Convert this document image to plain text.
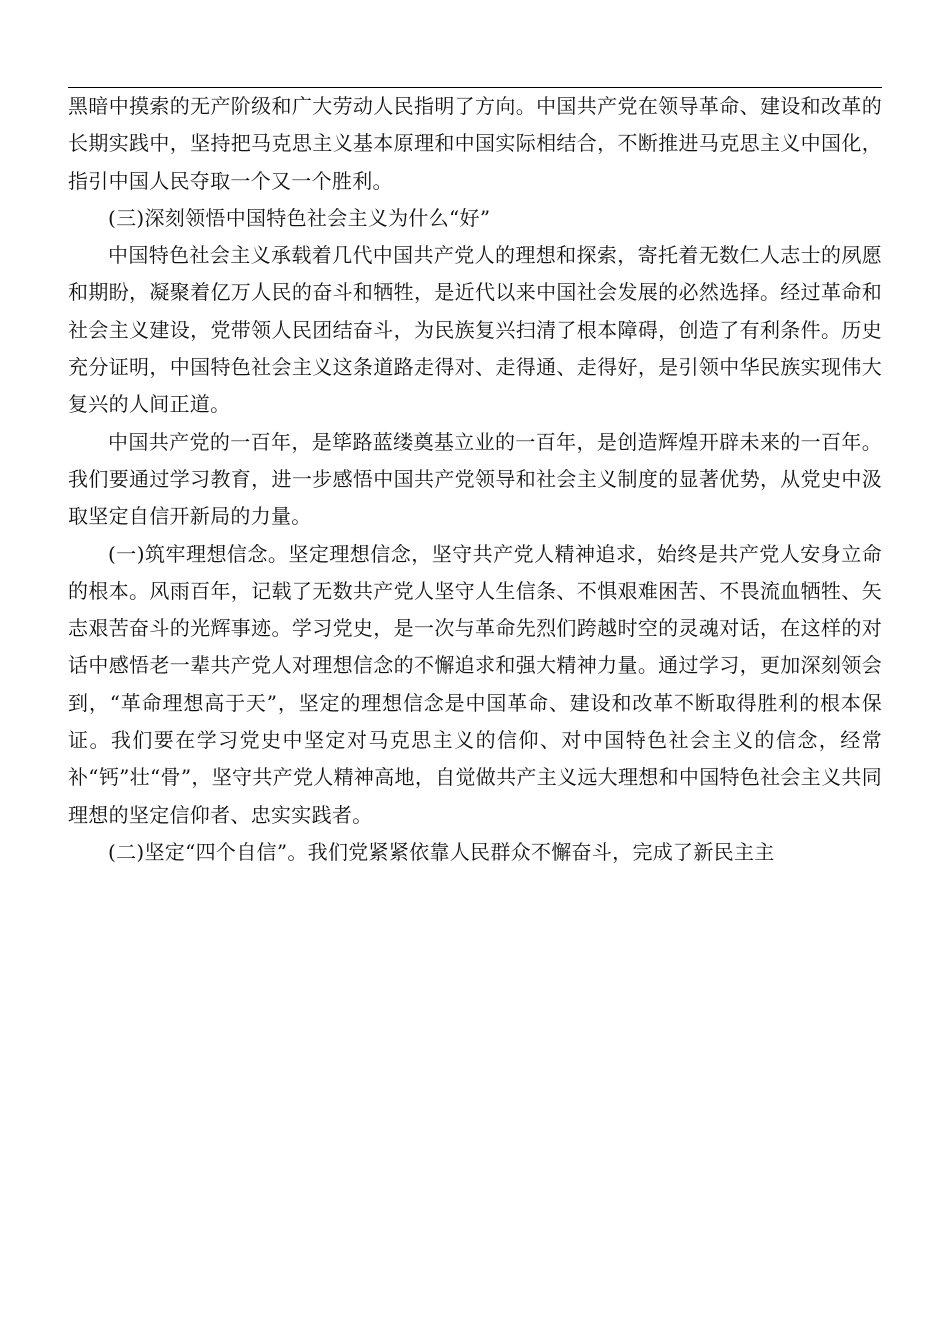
黑暗中摸索的无产阶级和广大劳动人民指明了方向。中国共产党在领导革命、建设和改革的长期实践中，坚持把马克思主义基本原理和中国实际相结合，不断推进马克思主义中国化，指引中国人民夺取一个又一个胜利。

(三)深刻领悟中国特色社会主义为什么“好”

中国特色社会主义承载着几代中国共产党人的理想和探索，寄托着无数仁人志士的夙愿和期盼，凝聚着亿万人民的奋斗和牺牲，是近代以来中国社会发展的必然选择。经过革命和社会主义建设，党带领人民团结奋斗，为民族复兴扫清了根本障碍，创造了有利条件。历史充分证明，中国特色社会主义这条道路走得对、走得通、走得好，是引领中华民族实现伟大复兴的人间正道。

中国共产党的一百年，是筚路蓝缕奠基立业的一百年，是创造辉煌开辟未来的一百年。我们要通过学习教育，进一步感悟中国共产党领导和社会主义制度的显著优势，从党史中汲取坚定自信开新局的力量。

(一)筑牢理想信念。坚定理想信念，坚守共产党人精神追求，始终是共产党人安身立命的根本。风雨百年，记载了无数共产党人坚守人生信条、不惧艰难困苦、不畏流血牺牲、矢志艰苦奋斗的光辉事迹。学习党史，是一次与革命先烈们跨越时空的灵魂对话，在这样的对话中感悟老一辈共产党人对理想信念的不懈追求和强大精神力量。通过学习，更加深刻领会到，“革命理想高于天”，坚定的理想信念是中国革命、建设和改革不断取得胜利的根本保证。我们要在学习党史中坚定对马克思主义的信仰、对中国特色社会主义的信念，经常补“钙”壮“骨”，坚守共产党人精神高地，自觉做共产主义远大理想和中国特色社会主义共同理想的坚定信仰者、忠实实践者。

(二)坚定“四个自信”。我们党紧紧依靠人民群众不懈奋斗，完成了新民主主
